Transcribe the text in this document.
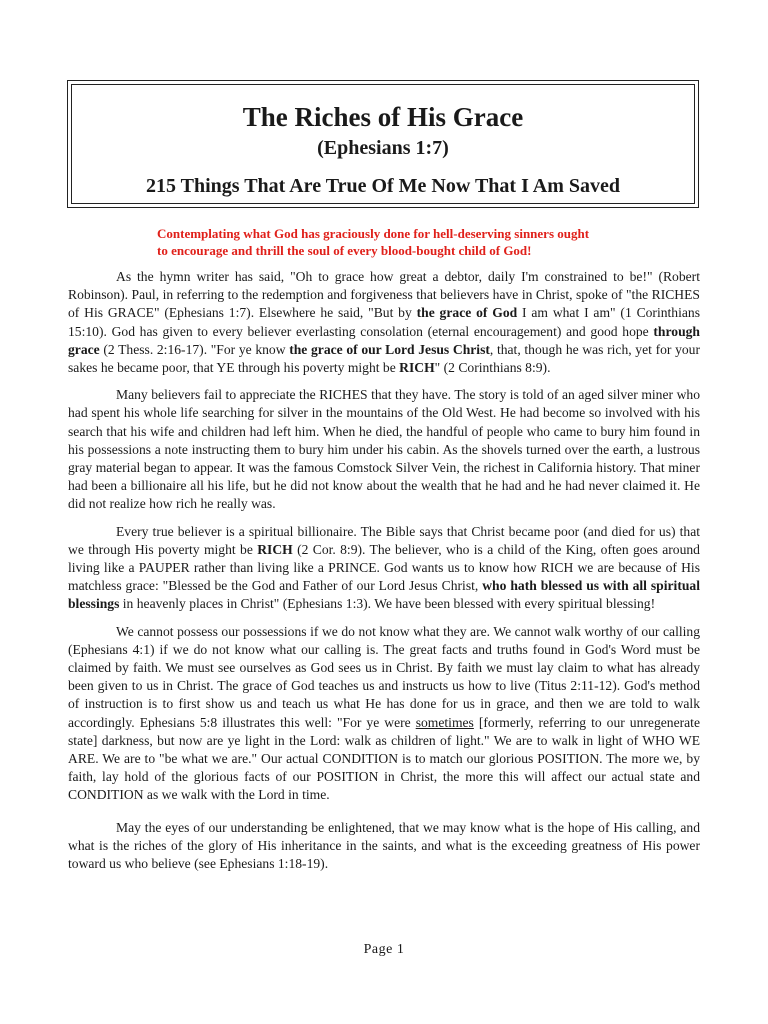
The Riches of His Grace
(Ephesians 1:7)
215 Things That Are True Of Me Now That I Am Saved
Contemplating what God has graciously done for hell-deserving sinners ought
to encourage and thrill the soul of every blood-bought child of God!

As the hymn writer has said, "Oh to grace how great a debtor, daily I'm constrained to be!" (Robert Robinson). Paul, in referring to the redemption and forgiveness that believers have in Christ, spoke of "the RICHES of His GRACE" (Ephesians 1:7). Elsewhere he said, "But by the grace of God I am what I am" (1 Corinthians 15:10). God has given to every believer everlasting consolation (eternal encouragement) and good hope through grace (2 Thess. 2:16-17). "For ye know the grace of our Lord Jesus Christ, that, though he was rich, yet for your sakes he became poor, that YE through his poverty might be RICH" (2 Corinthians 8:9).

Many believers fail to appreciate the RICHES that they have. The story is told of an aged silver miner who had spent his whole life searching for silver in the mountains of the Old West. He had become so involved with his search that his wife and children had left him. When he died, the handful of people who came to bury him found in his possessions a note instructing them to bury him under his cabin. As the shovels turned over the earth, a lustrous gray material began to appear. It was the famous Comstock Silver Vein, the richest in California history. That miner had been a billionaire all his life, but he did not know about the wealth that he had and he had never claimed it. He did not realize how rich he really was.

Every true believer is a spiritual billionaire. The Bible says that Christ became poor (and died for us) that we through His poverty might be RICH (2 Cor. 8:9). The believer, who is a child of the King, often goes around living like a PAUPER rather than living like a PRINCE. God wants us to know how RICH we are because of His matchless grace: "Blessed be the God and Father of our Lord Jesus Christ, who hath blessed us with all spiritual blessings in heavenly places in Christ" (Ephesians 1:3). We have been blessed with every spiritual blessing!

We cannot possess our possessions if we do not know what they are. We cannot walk worthy of our calling (Ephesians 4:1) if we do not know what our calling is. The great facts and truths found in God's Word must be claimed by faith. We must see ourselves as God sees us in Christ. By faith we must lay claim to what has already been given to us in Christ. The grace of God teaches us and instructs us how to live (Titus 2:11-12). God's method of instruction is to first show us and teach us what He has done for us in grace, and then we are told to walk accordingly. Ephesians 5:8 illustrates this well: "For ye were sometimes [formerly, referring to our unregenerate state] darkness, but now are ye light in the Lord: walk as children of light." We are to walk in light of WHO WE ARE. We are to "be what we are." Our actual CONDITION is to match our glorious POSITION. The more we, by faith, lay hold of the glorious facts of our POSITION in Christ, the more this will affect our actual state and CONDITION as we walk with the Lord in time.

May the eyes of our understanding be enlightened, that we may know what is the hope of His calling, and what is the riches of the glory of His inheritance in the saints, and what is the exceeding greatness of His power toward us who believe (see Ephesians 1:18-19).

Page 1
